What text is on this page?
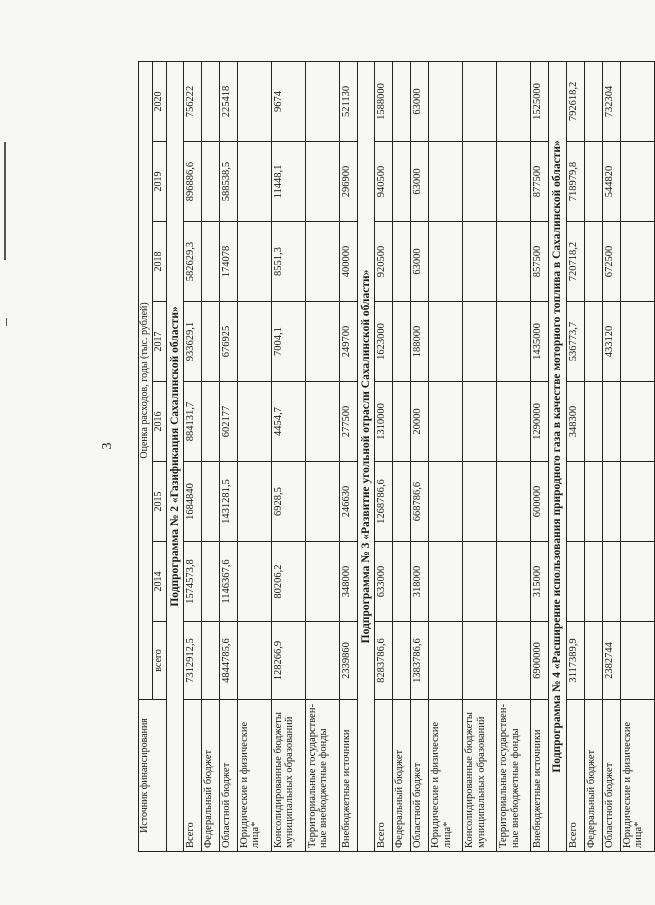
3
Источник финансирования	Оценка расходов, годы (тыс. рублей)							
	всего	2014	2015	2016	2017	2018	2019	2020
Подпрограмма № 2 «Газификация Сахалинской области»								
Всего	7312912,5	1574573,8	1684840	884131,7	933629,1	582629,3	896886,6	756222
Федеральный бюджет								
Областной бюджет	4844785,6	1146367,6	1431281,5	602177	676925	174078	588538,5	225418
Юридические и физические лица*								
Консолидированные бюджеты муниципальных образований	128266,9	80206,2	6928,5	4454,7	7004,1	8551,3	11448,1	9674
Территориальные государствен-ные внебюджетные фонды								
Внебюджетные источники	2339860	348000	246630	277500	249700	400000	296900	521130
Подпрограмма № 3 «Развитие угольной отрасли Сахалинской области»								
Всего	8283786,6	633000	1268786,6	1310000	1623000	920500	940500	1588000
Федеральный бюджет								
Областной бюджет	1383786,6	318000	668786,6	20000	188000	63000	63000	63000
Юридические и физические лица*								
Консолидированные бюджеты муниципальных образований								
Территориальные государствен-ные внебюджетные фонды								
Внебюджетные источники	6900000	315000	600000	1290000	1435000	857500	877500	1525000
Подпрограмма № 4 «Расширение использования природного газа в качестве моторного топлива в Сахалинской области»								
Всего	3117389,9			348300	536773,7	720718,2	718979,8	792618,2
Федеральный бюджет								
Областной бюджет	2382744				433120	672500	544820	732304
Юридические и физические лица*								
